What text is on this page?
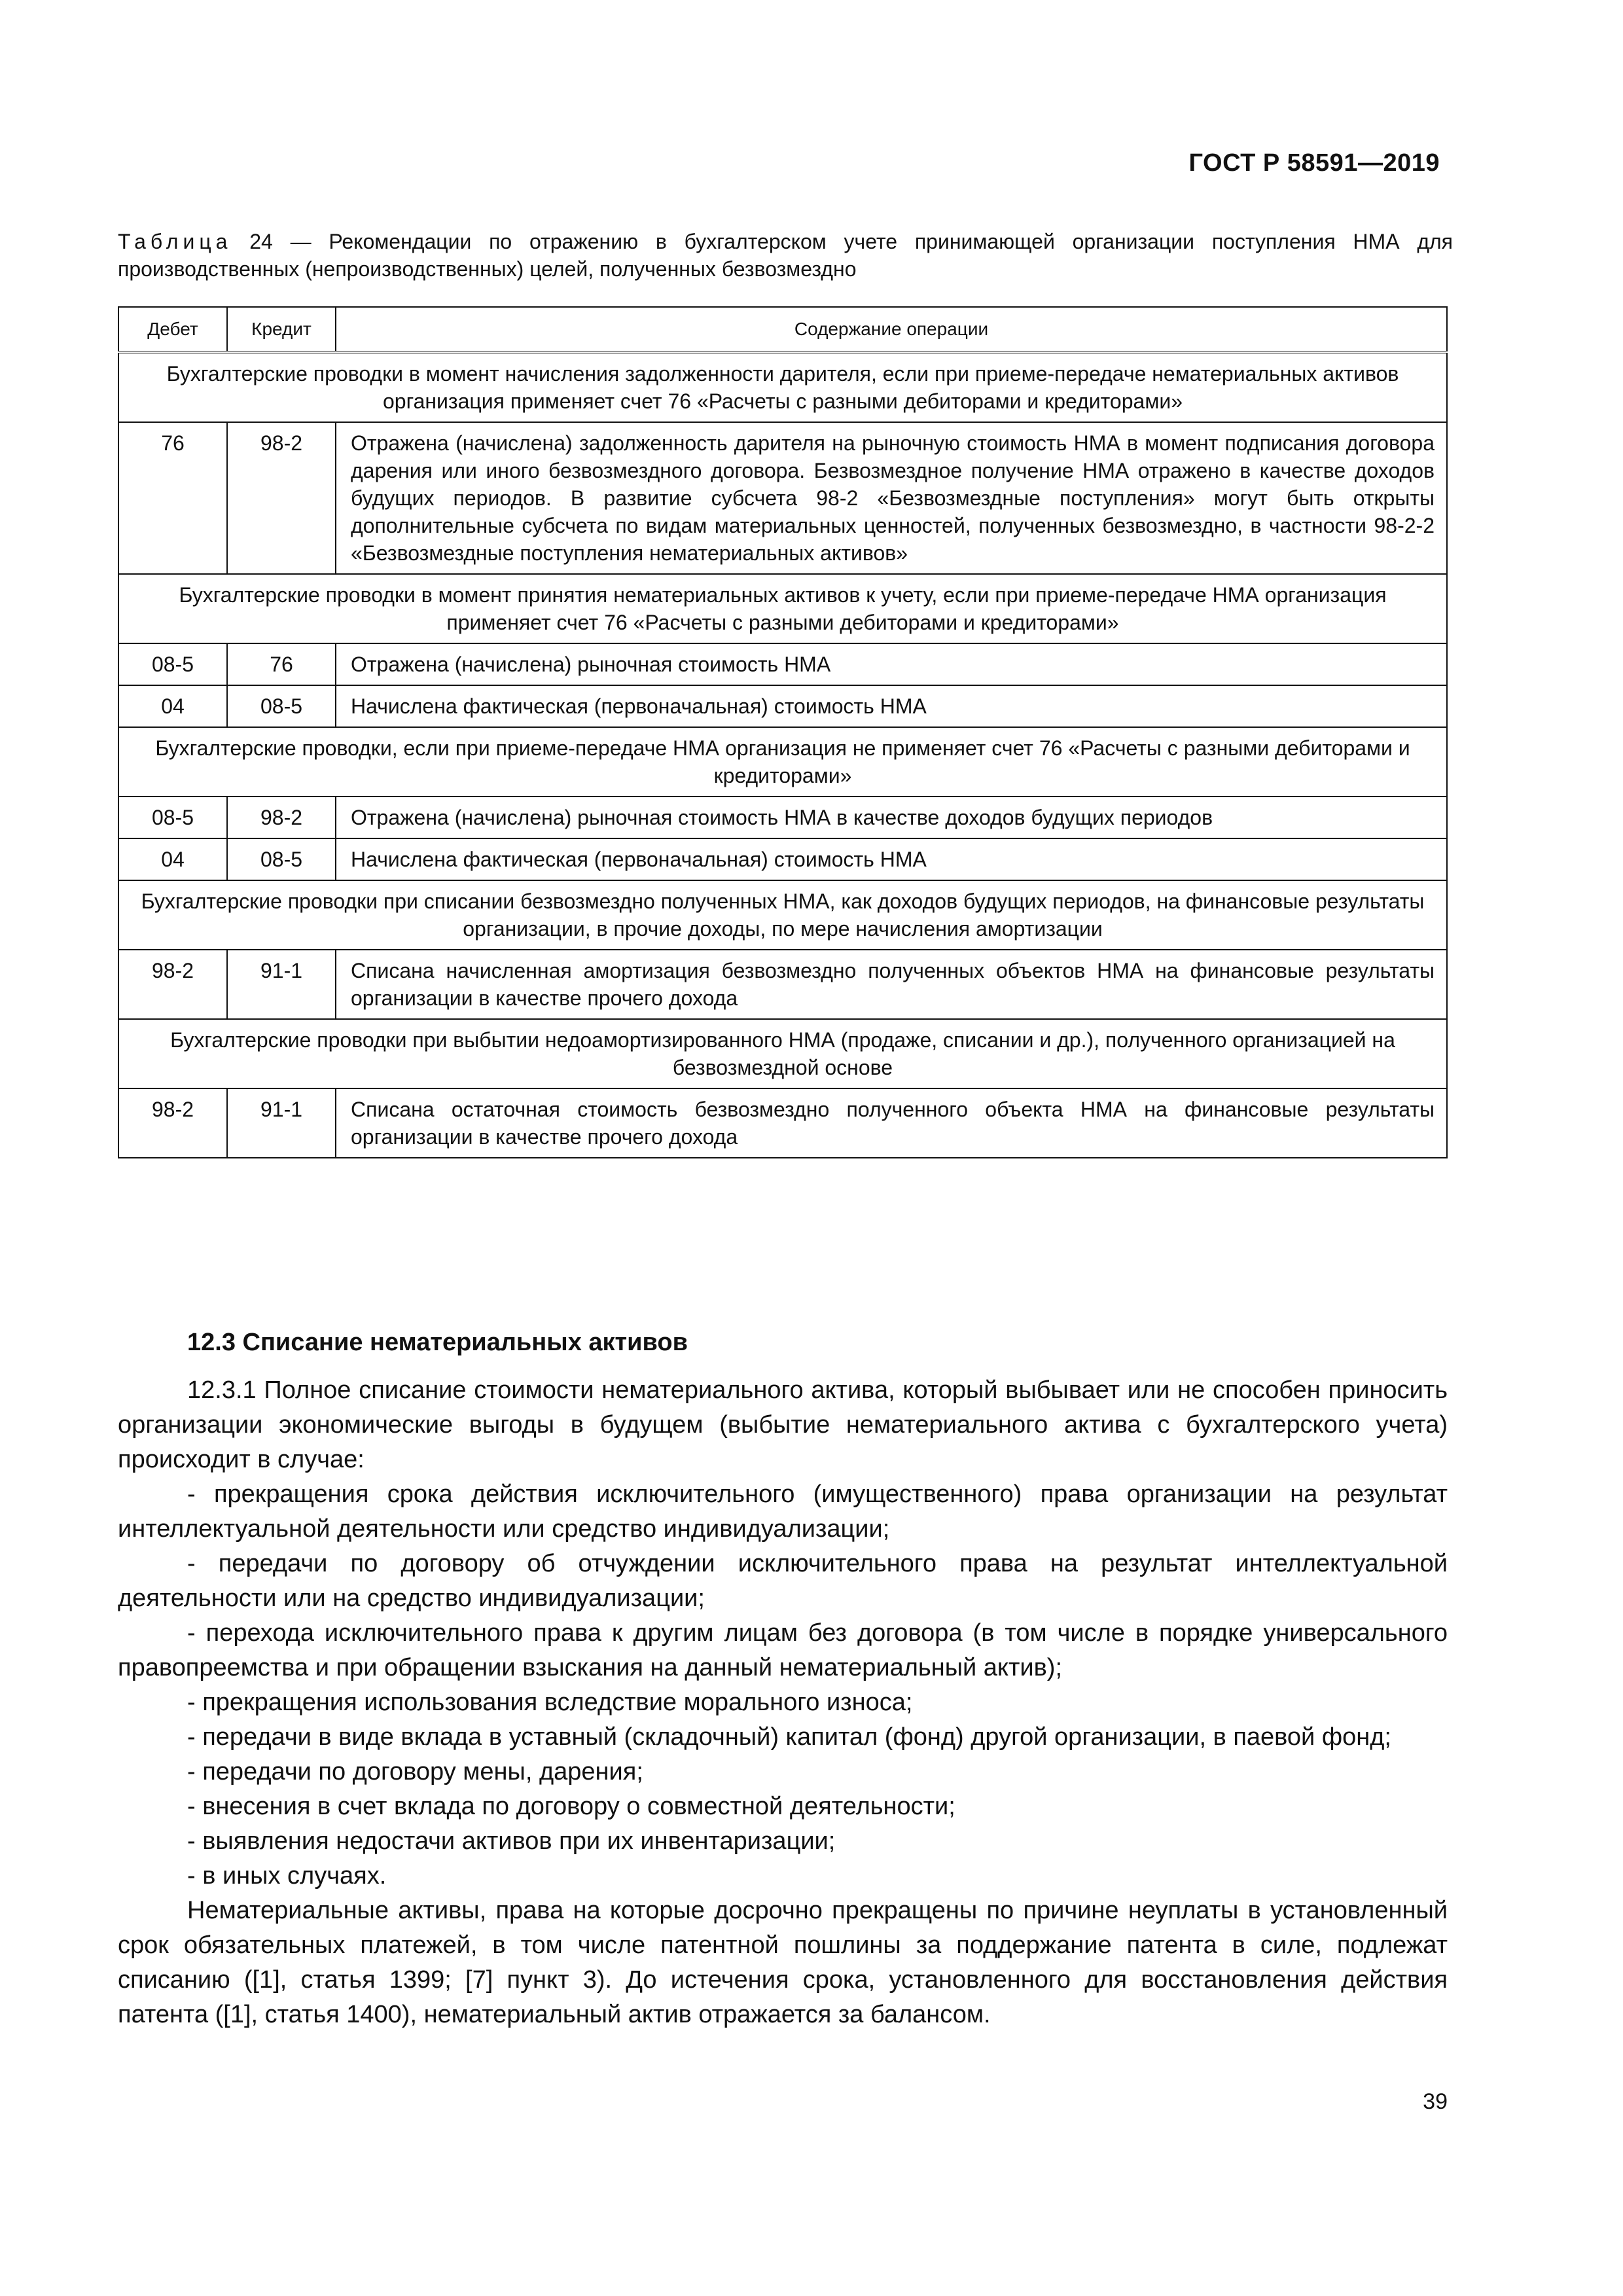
ГОСТ Р 58591—2019
Таблица 24 — Рекомендации по отражению в бухгалтерском учете принимающей организации поступления НМА для производственных (непроизводственных) целей, полученных безвозмездно
Дебет	Кредит	Содержание операции
Бухгалтерские проводки в момент начисления задолженности дарителя, если при приеме-передаче нематериальных активов организация применяет счет 76 «Расчеты с разными дебиторами и кредиторами»		
76	98-2	Отражена (начислена) задолженность дарителя на рыночную стоимость НМА в момент подписания договора дарения или иного безвозмездного договора. Безвозмездное получение НМА отражено в качестве доходов будущих периодов. В развитие субсчета 98-2 «Безвозмездные поступления» могут быть открыты дополнительные субсчета по видам материальных ценностей, полученных безвозмездно, в частности 98-2-2 «Безвозмездные поступления нематериальных активов»
Бухгалтерские проводки в момент принятия нематериальных активов к учету, если при приеме-передаче НМА организация применяет счет 76 «Расчеты с разными дебиторами и кредиторами»		
08-5	76	Отражена (начислена) рыночная стоимость НМА
04	08-5	Начислена фактическая (первоначальная) стоимость НМА
Бухгалтерские проводки, если при приеме-передаче НМА организация не применяет счет 76 «Расчеты с разными дебиторами и кредиторами»		
08-5	98-2	Отражена (начислена) рыночная стоимость НМА в качестве доходов будущих периодов
04	08-5	Начислена фактическая (первоначальная) стоимость НМА
Бухгалтерские проводки при списании безвозмездно полученных НМА, как доходов будущих периодов, на финансовые результаты организации, в прочие доходы, по мере начисления амортизации		
98-2	91-1	Списана начисленная амортизация безвозмездно полученных объектов НМА на финансовые результаты организации в качестве прочего дохода
Бухгалтерские проводки при выбытии недоамортизированного НМА (продаже, списании и др.), полученного организацией на безвозмездной основе		
98-2	91-1	Списана остаточная стоимость безвозмездно полученного объекта НМА на финансовые результаты организации в качестве прочего дохода
12.3 Списание нематериальных активов

12.3.1 Полное списание стоимости нематериального актива, который выбывает или не способен приносить организации экономические выгоды в будущем (выбытие нематериального актива с бухгалтерского учета) происходит в случае:

- прекращения срока действия исключительного (имущественного) права организации на результат интеллектуальной деятельности или средство индивидуализации;

- передачи по договору об отчуждении исключительного права на результат интеллектуальной деятельности или на средство индивидуализации;

- перехода исключительного права к другим лицам без договора (в том числе в порядке универсального правопреемства и при обращении взыскания на данный нематериальный актив);

- прекращения использования вследствие морального износа;

- передачи в виде вклада в уставный (складочный) капитал (фонд) другой организации, в паевой фонд;

- передачи по договору мены, дарения;

- внесения в счет вклада по договору о совместной деятельности;

- выявления недостачи активов при их инвентаризации;

- в иных случаях.

Нематериальные активы, права на которые досрочно прекращены по причине неуплаты в установленный срок обязательных платежей, в том числе патентной пошлины за поддержание патента в силе, подлежат списанию ([1], статья 1399; [7] пункт 3). До истечения срока, установленного для восстановления действия патента ([1], статья 1400), нематериальный актив отражается за балансом.

39
